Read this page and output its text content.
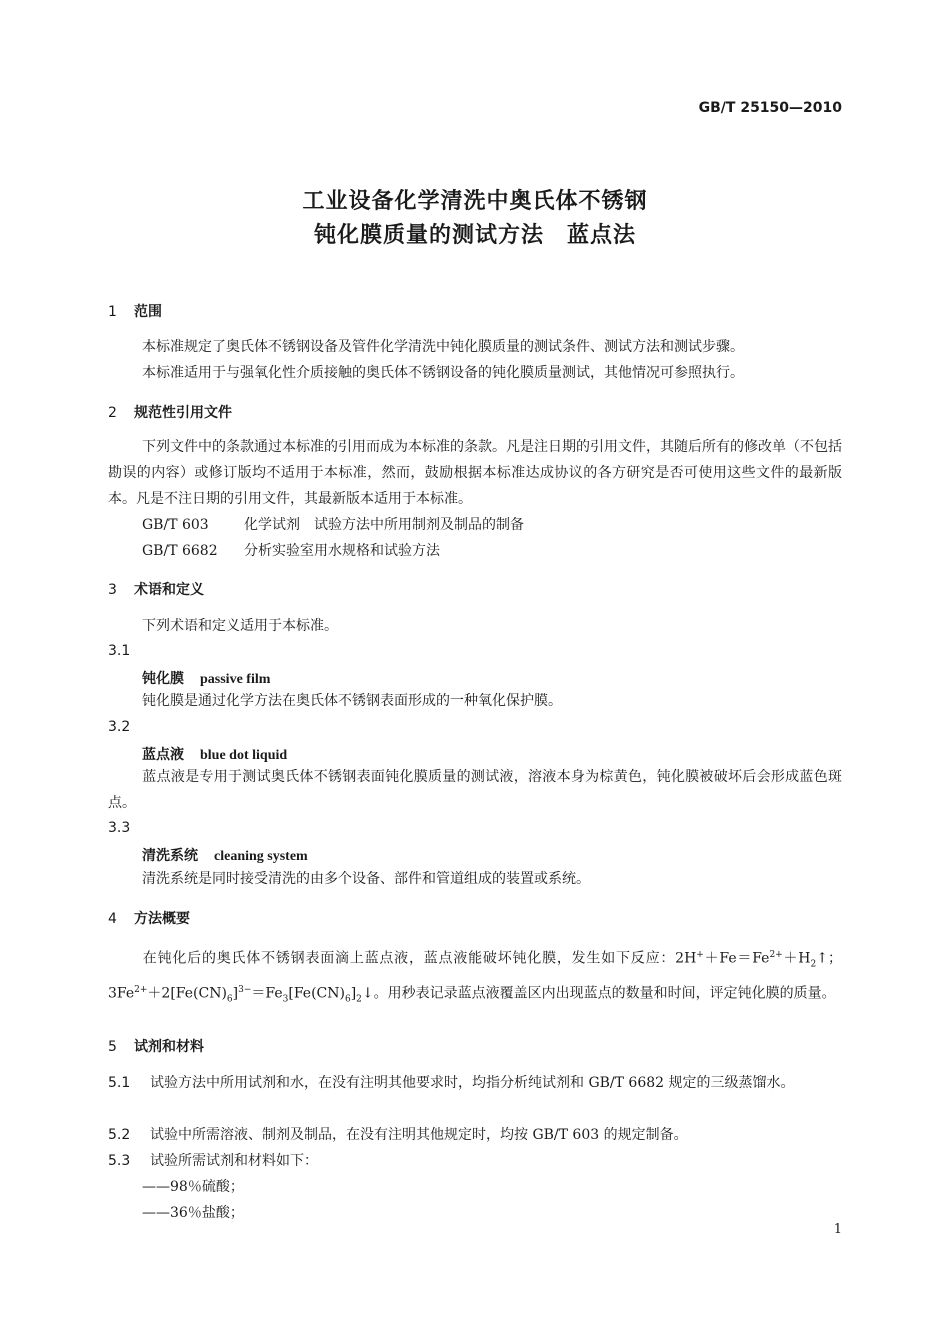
GB/T 25150—2010
工业设备化学清洗中奥氏体不锈钢
钝化膜质量的测试方法　蓝点法
1 范围
本标准规定了奥氏体不锈钢设备及管件化学清洗中钝化膜质量的测试条件、测试方法和测试步骤。
本标准适用于与强氧化性介质接触的奥氏体不锈钢设备的钝化膜质量测试，其他情况可参照执行。
2 规范性引用文件
下列文件中的条款通过本标准的引用而成为本标准的条款。凡是注日期的引用文件，其随后所有的修改单（不包括勘误的内容）或修订版均不适用于本标准，然而，鼓励根据本标准达成协议的各方研究是否可使用这些文件的最新版本。凡是不注日期的引用文件，其最新版本适用于本标准。
GB/T 603	化学试剂　试验方法中所用制剂及制品的制备
GB/T 6682 分析实验室用水规格和试验方法
3 术语和定义
下列术语和定义适用于本标准。
3.1
钝化膜 passive film
钝化膜是通过化学方法在奥氏体不锈钢表面形成的一种氧化保护膜。
3.2
蓝点液 blue dot liquid
蓝点液是专用于测试奥氏体不锈钢表面钝化膜质量的测试液，溶液本身为棕黄色，钝化膜被破坏后会形成蓝色斑点。
3.3
清洗系统 cleaning system
清洗系统是同时接受清洗的由多个设备、部件和管道组成的装置或系统。
4 方法概要
在钝化后的奥氏体不锈钢表面滴上蓝点液，蓝点液能破坏钝化膜，发生如下反应：$2H^++Fe=Fe^{2+}+H_2↑$；$3Fe^{2+}+2[Fe(CN)_6]^{3-}=Fe_3[Fe(CN)_6]_2↓$。用秒表记录蓝点液覆盖区内出现蓝点的数量和时间，评定钝化膜的质量。
5 试剂和材料
5.1 试验方法中所用试剂和水，在没有注明其他要求时，均指分析纯试剂和 GB/T 6682 规定的三级蒸馏水。
5.2 试验中所需溶液、制剂及制品，在没有注明其他规定时，均按 GB/T 603 的规定制备。
5.3 试验所需试剂和材料如下：
——98％硫酸；
——36％盐酸；
1
